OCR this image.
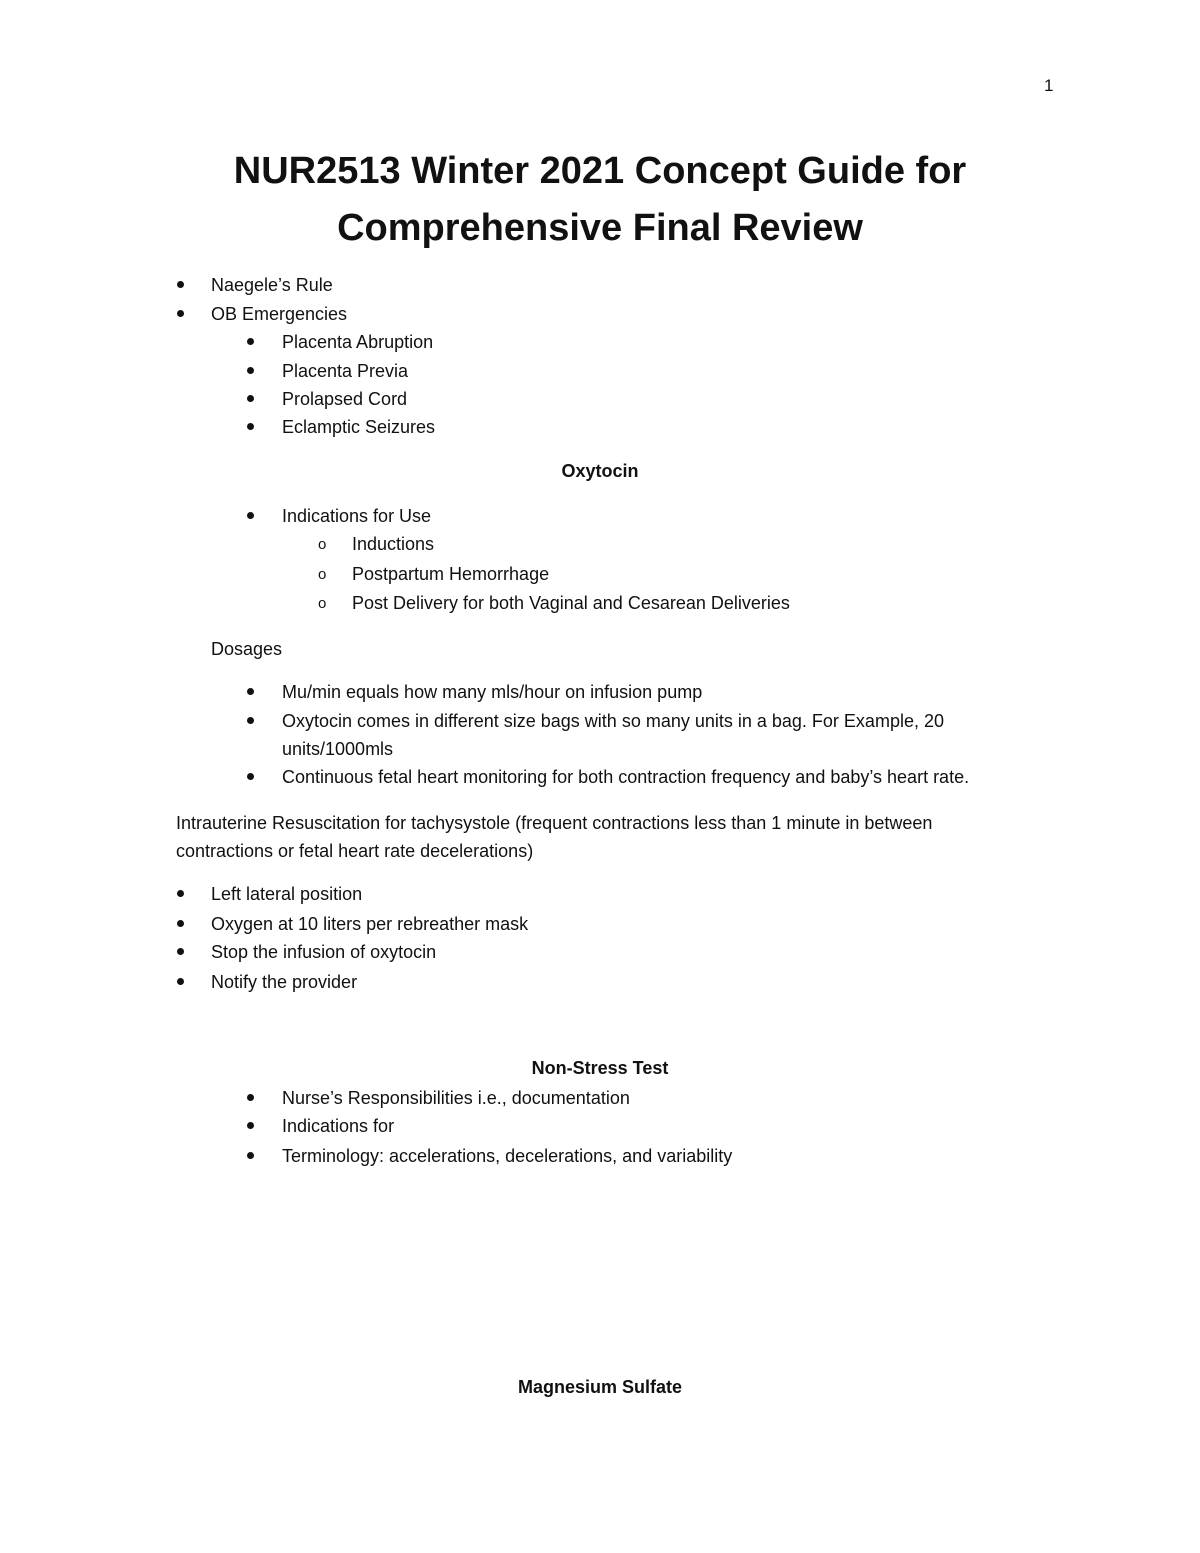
1
NUR2513 Winter 2021 Concept Guide for
Comprehensive Final Review
Naegele’s Rule
OB Emergencies
Placenta Abruption
Placenta Previa
Prolapsed Cord
Eclamptic Seizures
Oxytocin
Indications for Use
o Inductions
o Postpartum Hemorrhage
o Post Delivery for both Vaginal and Cesarean Deliveries
Dosages
Mu/min equals how many mls/hour on infusion pump
Oxytocin comes in different size bags with so many units in a bag. For Example, 20
units/1000mls
Continuous fetal heart monitoring for both contraction frequency and baby’s heart rate.
Intrauterine Resuscitation for tachysystole (frequent contractions less than 1 minute in between
contractions or fetal heart rate decelerations)
Left lateral position
Oxygen at 10 liters per rebreather mask
Stop the infusion of oxytocin
Notify the provider
Non-Stress Test
Nurse’s Responsibilities i.e., documentation
Indications for
Terminology: accelerations, decelerations, and variability
Magnesium Sulfate
